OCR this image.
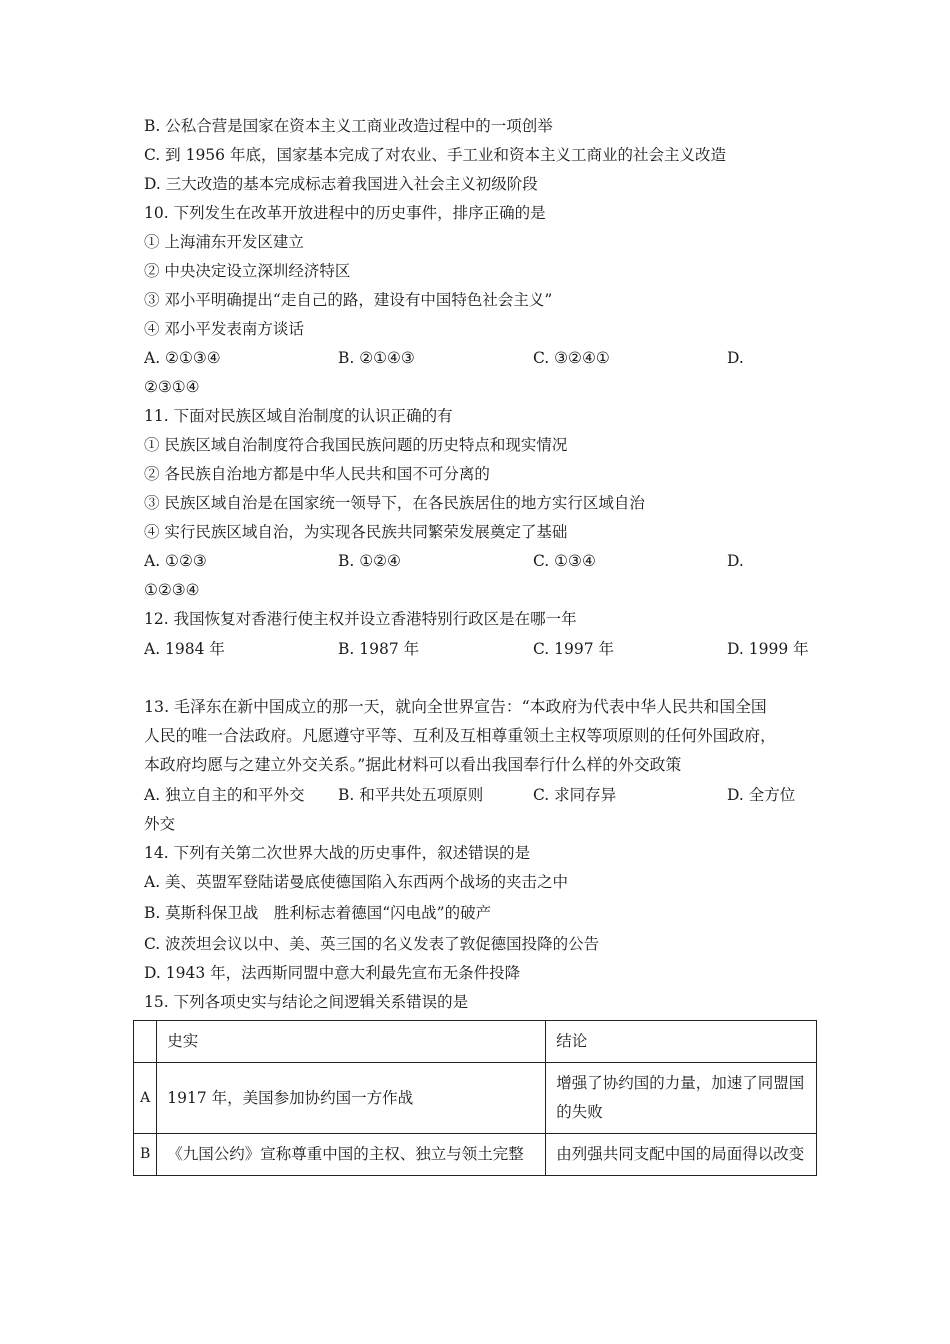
B. 公私合营是国家在资本主义工商业改造过程中的一项创举
C. 到 1956 年底，国家基本完成了对农业、手工业和资本主义工商业的社会主义改造
D. 三大改造的基本完成标志着我国进入社会主义初级阶段
10. 下列发生在改革开放进程中的历史事件，排序正确的是
① 上海浦东开发区建立
② 中央决定设立深圳经济特区
③ 邓小平明确提出“走自己的路，建设有中国特色社会主义”
④ 邓小平发表南方谈话
A. ②①③④	B. ②①④③	C. ③②④①	D.
②③①④
11. 下面对民族区域自治制度的认识正确的有
① 民族区域自治制度符合我国民族问题的历史特点和现实情况
② 各民族自治地方都是中华人民共和国不可分离的
③ 民族区域自治是在国家统一领导下，在各民族居住的地方实行区域自治
④ 实行民族区域自治，为实现各民族共同繁荣发展奠定了基础
A. ①②③	B. ①②④	C. ①③④	D.
①②③④
12. 我国恢复对香港行使主权并设立香港特别行政区是在哪一年
A. 1984 年	B. 1987 年	C. 1997 年	D. 1999 年
13. 毛泽东在新中国成立的那一天，就向全世界宣告：“本政府为代表中华人民共和国全国
人民的唯一合法政府。凡愿遵守平等、互利及互相尊重领土主权等项原则的任何外国政府，
本政府均愿与之建立外交关系。”据此材料可以看出我国奉行什么样的外交政策
A. 独立自主的和平外交 B. 和平共处五项原则	C. 求同存异	D. 全方位
外交
14. 下列有关第二次世界大战的历史事件，叙述错误的是
A. 美、英盟军登陆诺曼底使德国陷入东西两个战场的夹击之中
B. 莫斯科保卫战　胜利标志着德国“闪电战”的破产
C. 波茨坦会议以中、美、英三国的名义发表了敦促德国投降的公告
D. 1943 年，法西斯同盟中意大利最先宣布无条件投降
15. 下列各项史实与结论之间逻辑关系错误的是
	史实	结论
A	1917 年，美国参加协约国一方作战	增强了协约国的力量，加速了同盟国的失败
B	《九国公约》宣称尊重中国的主权、独立与领土完整	由列强共同支配中国的局面得以改变
